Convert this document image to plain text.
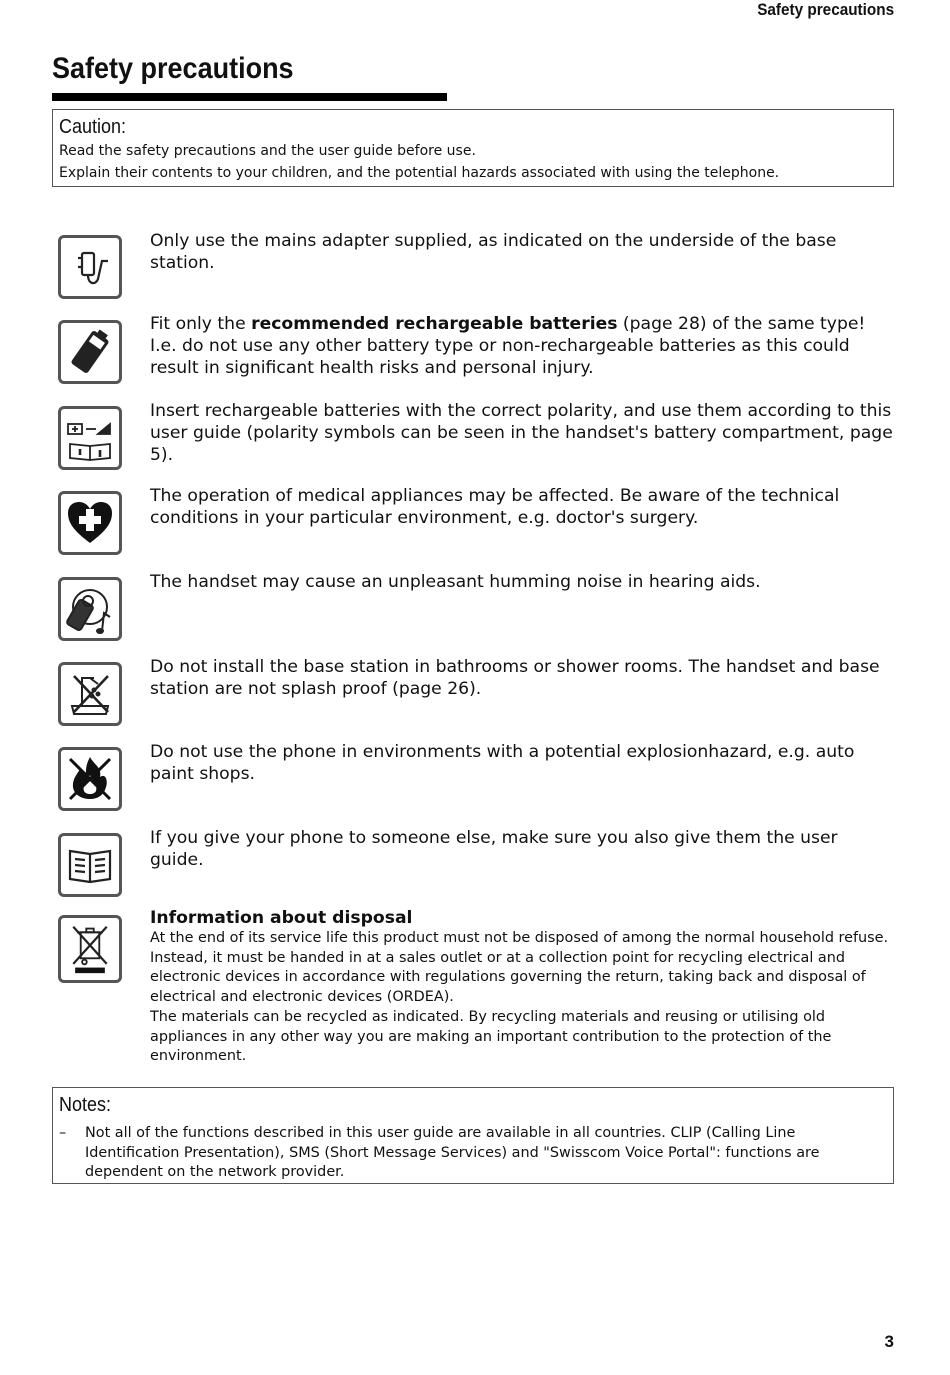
Safety precautions
Safety precautions
Caution:
Read the safety precautions and the user guide before use.
Explain their contents to your children, and the potential hazards associated with using the telephone.
Only use the mains adapter supplied, as indicated on the underside of the base station.
Fit only the recommended rechargeable batteries (page 28) of the same type! I.e. do not use any other battery type or non-rechargeable batteries as this could result in significant health risks and personal injury.
Insert rechargeable batteries with the correct polarity, and use them according to this user guide (polarity symbols can be seen in the handset's battery compartment, page 5).
The operation of medical appliances may be affected. Be aware of the technical conditions in your particular environment, e.g. doctor's surgery.
The handset may cause an unpleasant humming noise in hearing aids.
Do not install the base station in bathrooms or shower rooms. The handset and base station are not splash proof (page 26).
Do not use the phone in environments with a potential explosionhazard, e.g. auto paint shops.
If you give your phone to someone else, make sure you also give them the user guide.
Information about disposal
At the end of its service life this product must not be disposed of among the normal household refuse. Instead, it must be handed in at a sales outlet or at a collection point for recycling electrical and electronic devices in accordance with regulations governing the return, taking back and disposal of electrical and electronic devices (ORDEA).
The materials can be recycled as indicated. By recycling materials and reusing or utilising old appliances in any other way you are making an important contribution to the protection of the environment.
Notes:
– Not all of the functions described in this user guide are available in all countries. CLIP (Calling Line Identification Presentation), SMS (Short Message Services) and "Swisscom Voice Portal": functions are dependent on the network provider.
3
